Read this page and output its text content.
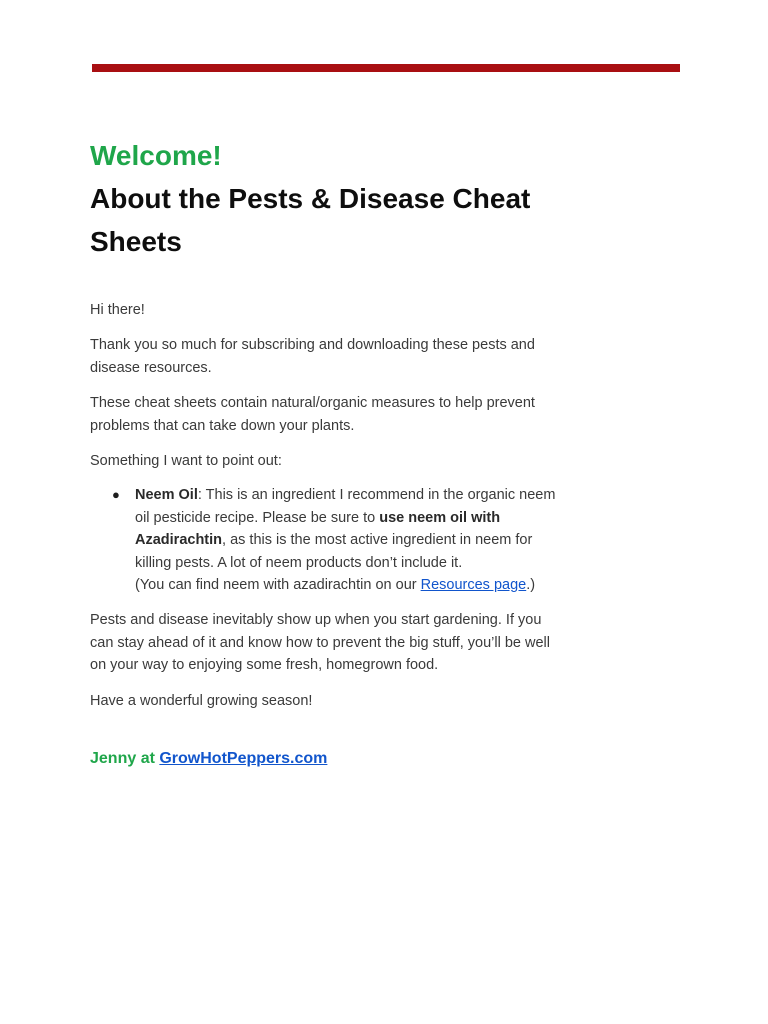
Welcome!
About the Pests & Disease Cheat Sheets

Hi there!

Thank you so much for subscribing and downloading these pests and disease resources.

These cheat sheets contain natural/organic measures to help prevent problems that can take down your plants.

Something I want to point out:

● Neem Oil: This is an ingredient I recommend in the organic neem oil pesticide recipe. Please be sure to use neem oil with Azadirachtin, as this is the most active ingredient in neem for killing pests. A lot of neem products don’t include it.
(You can find neem with azadirachtin on our Resources page.)

Pests and disease inevitably show up when you start gardening. If you can stay ahead of it and know how to prevent the big stuff, you’ll be well on your way to enjoying some fresh, homegrown food.

Have a wonderful growing season!

Jenny at GrowHotPeppers.com
